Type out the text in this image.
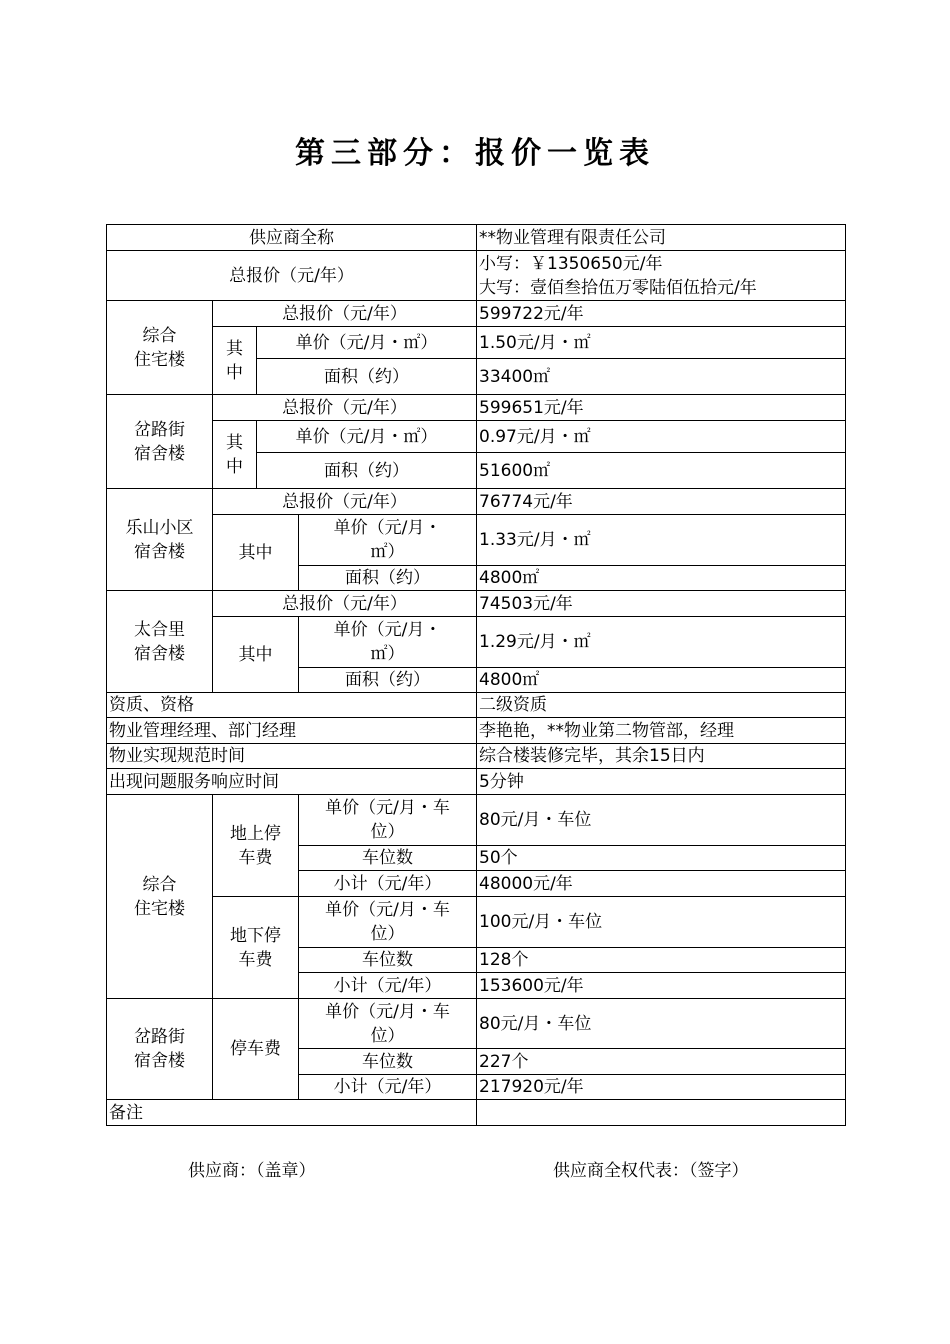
第三部分：报价一览表
供应商全称				**物业管理有限责任公司
总报价（元/年）				小写：￥1350650元/年
大写：壹佰叁拾伍万零陆佰伍拾元/年

综合
住宅楼	总报价（元/年）			599722元/年
	其
中	单价（元/月・㎡）		1.50元/月・㎡
		面积（约）		33400㎡
岔路街
宿舍楼	总报价（元/年）			599651元/年
	其
中	单价（元/月・㎡）		0.97元/月・㎡
		面积（约）		51600㎡
乐山小区
宿舍楼	总报价（元/年）			76774元/年
	其中		单价（元/月・
㎡）	1.33元/月・㎡
			面积（约）	4800㎡
太合里
宿舍楼	总报价（元/年）			74503元/年
	其中		单价（元/月・
㎡）	1.29元/月・㎡
			面积（约）	4800㎡
资质、资格				二级资质
物业管理经理、部门经理				李艳艳，**物业第二物管部，经理
物业实现规范时间				综合楼装修完毕，其余15日内
出现问题服务响应时间				5分钟
综合
住宅楼	地上停
车费		单价（元/月・车
位）	80元/月・车位
			车位数	50个
			小计（元/年）	48000元/年
	地下停
车费		单价（元/月・车
位）	100元/月・车位
			车位数	128个
			小计（元/年）	153600元/年
岔路街
宿舍楼	停车费		单价（元/月・车
位）	80元/月・车位
			车位数	227个
			小计（元/年）	217920元/年
备注				
供应商：（盖章）	供应商全权代表：（签字）
